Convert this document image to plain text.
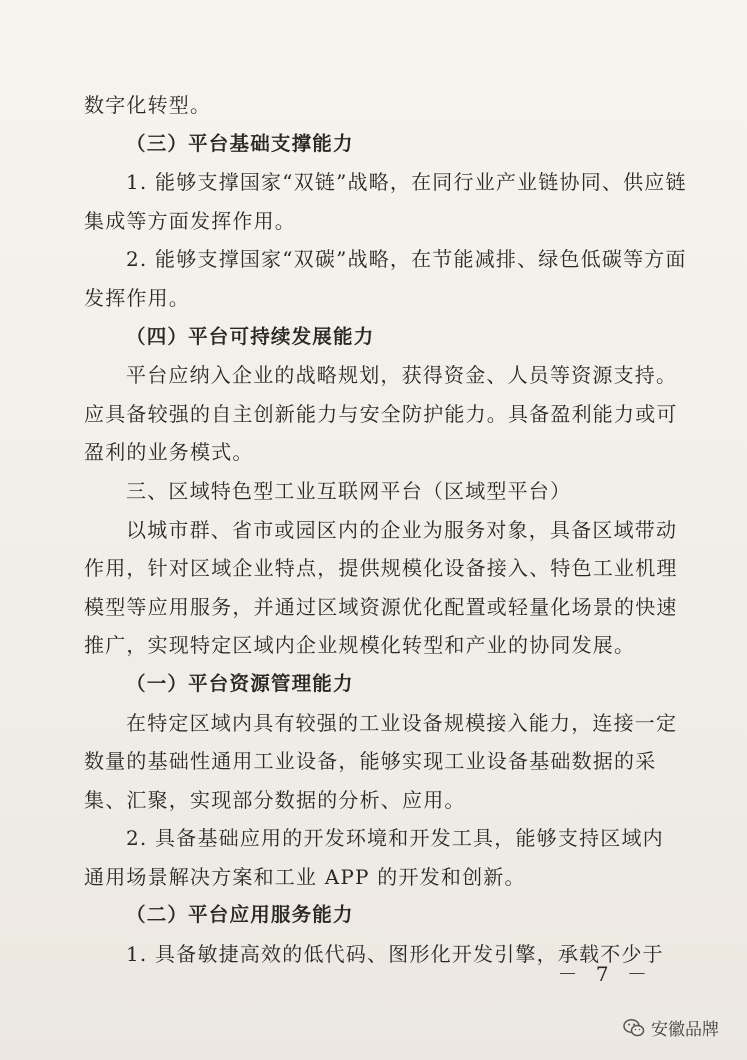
数字化转型。
（三）平台基础支撑能力
1. 能够支撑国家“双链”战略，在同行业产业链协同、供应链
集成等方面发挥作用。
2. 能够支撑国家“双碳”战略，在节能减排、绿色低碳等方面
发挥作用。
（四）平台可持续发展能力
平台应纳入企业的战略规划，获得资金、人员等资源支持。
应具备较强的自主创新能力与安全防护能力。具备盈利能力或可
盈利的业务模式。
三、区域特色型工业互联网平台（区域型平台）
以城市群、省市或园区内的企业为服务对象，具备区域带动
作用，针对区域企业特点，提供规模化设备接入、特色工业机理
模型等应用服务，并通过区域资源优化配置或轻量化场景的快速
推广，实现特定区域内企业规模化转型和产业的协同发展。
（一）平台资源管理能力
在特定区域内具有较强的工业设备规模接入能力，连接一定
数量的基础性通用工业设备，能够实现工业设备基础数据的采
集、汇聚，实现部分数据的分析、应用。
2. 具备基础应用的开发环境和开发工具，能够支持区域内
通用场景解决方案和工业 APP 的开发和创新。
（二）平台应用服务能力
1. 具备敏捷高效的低代码、图形化开发引擎，承载不少于
－ 7 －
安徽品牌
